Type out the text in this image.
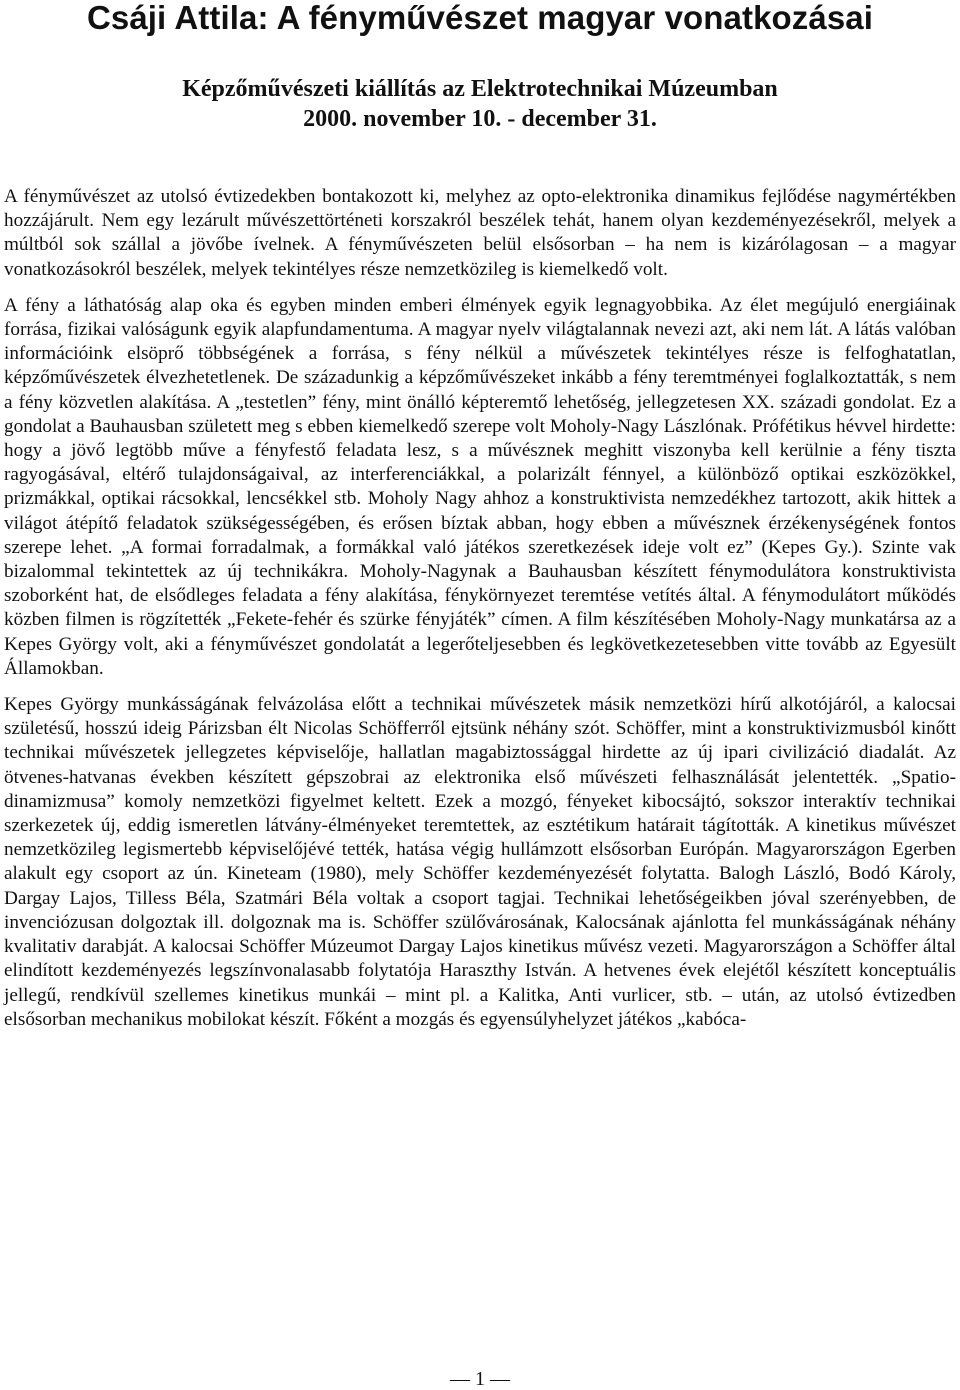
Csáji Attila: A fényművészet magyar vonatkozásai
Képzőművészeti kiállítás az Elektrotechnikai Múzeumban
2000. november 10. - december 31.

A fényművészet az utolsó évtizedekben bontakozott ki, melyhez az opto-elektronika dinamikus fejlődése nagymértékben hozzájárult. Nem egy lezárult művészettörténeti korszakról beszélek tehát, hanem olyan kezdeményezésekről, melyek a múltból sok szállal a jövőbe ívelnek. A fényművészeten belül elsősorban – ha nem is kizárólagosan – a magyar vonatkozásokról beszélek, melyek tekintélyes része nemzetközileg is kiemelkedő volt.

A fény a láthatóság alap oka és egyben minden emberi élmények egyik legnagyobbika. Az élet megújuló energiáinak forrása, fizikai valóságunk egyik alapfundamentuma. A magyar nyelv világtalannak nevezi azt, aki nem lát. A látás valóban információink elsöprő többségének a forrása, s fény nélkül a művészetek tekintélyes része is felfoghatatlan, képzőművészetek élvezhetetlenek. De századunkig a képzőművészeket inkább a fény teremtményei foglalkoztatták, s nem a fény közvetlen alakítása. A „testetlen” fény, mint önálló képteremtő lehetőség, jellegzetesen XX. századi gondolat. Ez a gondolat a Bauhausban született meg s ebben kiemelkedő szerepe volt Moholy-Nagy Lászlónak. Prófétikus hévvel hirdette: hogy a jövő legtöbb műve a fényfestő feladata lesz, s a művésznek meghitt viszonyba kell kerülnie a fény tiszta ragyogásával, eltérő tulajdonságaival, az interferenciákkal, a polarizált fénnyel, a különböző optikai eszközökkel, prizmákkal, optikai rácsokkal, lencsékkel stb. Moholy Nagy ahhoz a konstruktivista nemzedékhez tartozott, akik hittek a világot átépítő feladatok szükségességében, és erősen bíztak abban, hogy ebben a művésznek érzékenységének fontos szerepe lehet. „A formai forradalmak, a formákkal való játékos szeretkezések ideje volt ez” (Kepes Gy.). Szinte vak bizalommal tekintettek az új technikákra. Moholy-Nagynak a Bauhausban készített fénymodulátora konstruktivista szoborként hat, de elsődleges feladata a fény alakítása, fénykörnyezet teremtése vetítés által. A fénymodulátort működés közben filmen is rögzítették „Fekete-fehér és szürke fényjáték” címen. A film készítésében Moholy-Nagy munkatársa az a Kepes György volt, aki a fényművészet gondolatát a legerőteljesebben és legkövetkezetesebben vitte tovább az Egyesült Államokban.

Kepes György munkásságának felvázolása előtt a technikai művészetek másik nemzetközi hírű alkotójáról, a kalocsai születésű, hosszú ideig Párizsban élt Nicolas Schöfferről ejtsünk néhány szót. Schöffer, mint a konstruktivizmusból kinőtt technikai művészetek jellegzetes képviselője, hallatlan magabiztossággal hirdette az új ipari civilizáció diadalát. Az ötvenes-hatvanas években készített gépszobrai az elektronika első művészeti felhasználását jelentették. „Spatio-dinamizmusa” komoly nemzetközi figyelmet keltett. Ezek a mozgó, fényeket kibocsájtó, sokszor interaktív technikai szerkezetek új, eddig ismeretlen látvány-élményeket teremtettek, az esztétikum határait tágították. A kinetikus művészet nemzetközileg legismertebb képviselőjévé tették, hatása végig hullámzott elsősorban Európán. Magyarországon Egerben alakult egy csoport az ún. Kineteam (1980), mely Schöffer kezdeményezését folytatta. Balogh László, Bodó Károly, Dargay Lajos, Tilless Béla, Szatmári Béla voltak a csoport tagjai. Technikai lehetőségeikben jóval szerényebben, de invenciózusan dolgoztak ill. dolgoznak ma is. Schöffer szülővárosának, Kalocsának ajánlotta fel munkásságának néhány kvalitativ darabját. A kalocsai Schöffer Múzeumot Dargay Lajos kinetikus művész vezeti. Magyarországon a Schöffer által elindított kezdeményezés legszínvonalasabb folytatója Haraszthy István. A hetvenes évek elejétől készített konceptuális jellegű, rendkívül szellemes kinetikus munkái – mint pl. a Kalitka, Anti vurlicer, stb. – után, az utolsó évtizedben elsősorban mechanikus mobilokat készít. Főként a mozgás és egyensúlyhelyzet játékos „kabóca-

— 1 —
